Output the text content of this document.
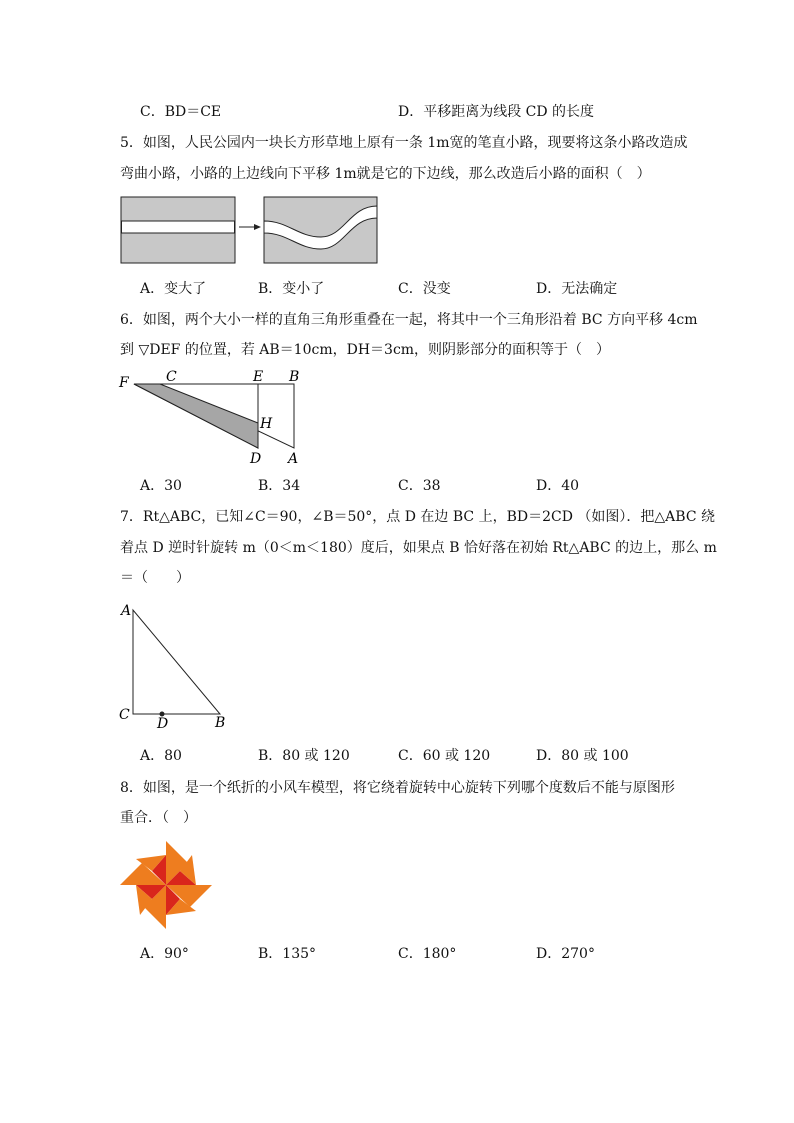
C．BD＝CE	D．平移距离为线段 CD 的长度
5．如图，人民公园内一块长方形草地上原有一条 1m宽的笔直小路，现要将这条小路改造成
弯曲小路，小路的上边线向下平移 1m就是它的下边线，那么改造后小路的面积（　）
A．变大了	B．变小了	C．没变	D．无法确定
6．如图，两个大小一样的直角三角形重叠在一起，将其中一个三角形沿着 BC 方向平移 4cm
到 ▽DEF 的位置，若 AB＝10cm，DH＝3cm，则阴影部分的面积等于（　）
F	C	E B
H
D A
A．30	B．34	C．38	D．40
7．Rt△ABC，已知∠C＝90，∠B＝50°，点 D 在边 BC 上，BD＝2CD （如图）．把△ABC 绕
着点 D 逆时针旋转 m（0＜m＜180）度后，如果点 B 恰好落在初始 Rt△ABC 的边上，那么 m
＝（　　）
A
C
D	B
A．80	B．80 或 120	C．60 或 120	D．80 或 100
8．如图，是一个纸折的小风车模型，将它绕着旋转中心旋转下列哪个度数后不能与原图形
重合．（　）
A．90°	B．135°	C．180°	D．270°
